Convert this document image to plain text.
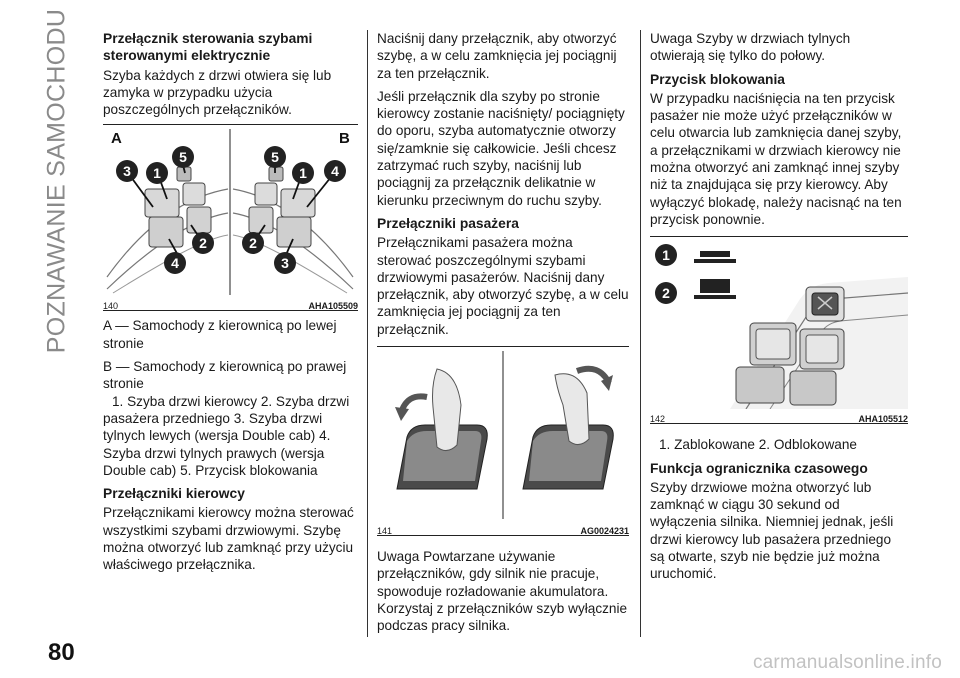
POZNAWANIE SAMOCHODU
80	carmanualsonline.info
Przełącznik sterowania szybami sterowanymi elektrycznie

Szyba każdych z drzwi otwiera się lub zamyka w przypadku użycia poszczególnych przełączników.

3 1
5
2
4
5
1 4
2
3
A	B
140	AHA105509

A — Samochody z kierownicą po lewej stronie

B — Samochody z kierownicą po prawej stronie

1. Szyba drzwi kierowcy 2. Szyba drzwi pasażera przedniego 3. Szyba drzwi tylnych lewych (wersja Double cab) 4. Szyba drzwi tylnych prawych (wersja Double cab) 5. Przycisk blokowania

Przełączniki kierowcy

Przełącznikami kierowcy można sterować wszystkimi szybami drzwiowymi. Szybę można otworzyć lub zamknąć przy użyciu właściwego przełącznika.

Naciśnij dany przełącznik, aby otworzyć szybę, a w celu zamknięcia jej pociągnij za ten przełącznik.

Jeśli przełącznik dla szyby po stronie kierowcy zostanie naciśnięty/ pociągnięty do oporu, szyba automatycznie otworzy się/zamknie się całkowicie. Jeśli chcesz zatrzymać ruch szyby, naciśnij lub pociągnij za przełącznik delikatnie w kierunku przeciwnym do ruchu szyby.

Przełączniki pasażera

Przełącznikami pasażera można sterować poszczególnymi szybami drzwiowymi pasażerów. Naciśnij dany przełącznik, aby otworzyć szybę, a w celu zamknięcia jej pociągnij za ten przełącznik.

141	AG0024231

Uwaga Powtarzane używanie przełączników, gdy silnik nie pracuje, spowoduje rozładowanie akumulatora. Korzystaj z przełączników szyb wyłącznie podczas pracy silnika.

Uwaga Szyby w drzwiach tylnych otwierają się tylko do połowy.

Przycisk blokowania

W przypadku naciśnięcia na ten przycisk pasażer nie może użyć przełączników w celu otwarcia lub zamknięcia danej szyby, a przełącznikami w drzwiach kierowcy nie można otworzyć ani zamknąć innej szyby niż ta znajdująca się przy kierowcy. Aby wyłączyć blokadę, należy nacisnąć na ten przycisk ponownie.

1
2
142	AHA105512

1. Zablokowane 2. Odblokowane

Funkcja ogranicznika czasowego

Szyby drzwiowe można otworzyć lub zamknąć w ciągu 30 sekund od wyłączenia silnika. Niemniej jednak, jeśli drzwi kierowcy lub pasażera przedniego są otwarte, szyb nie będzie już można uruchomić.
